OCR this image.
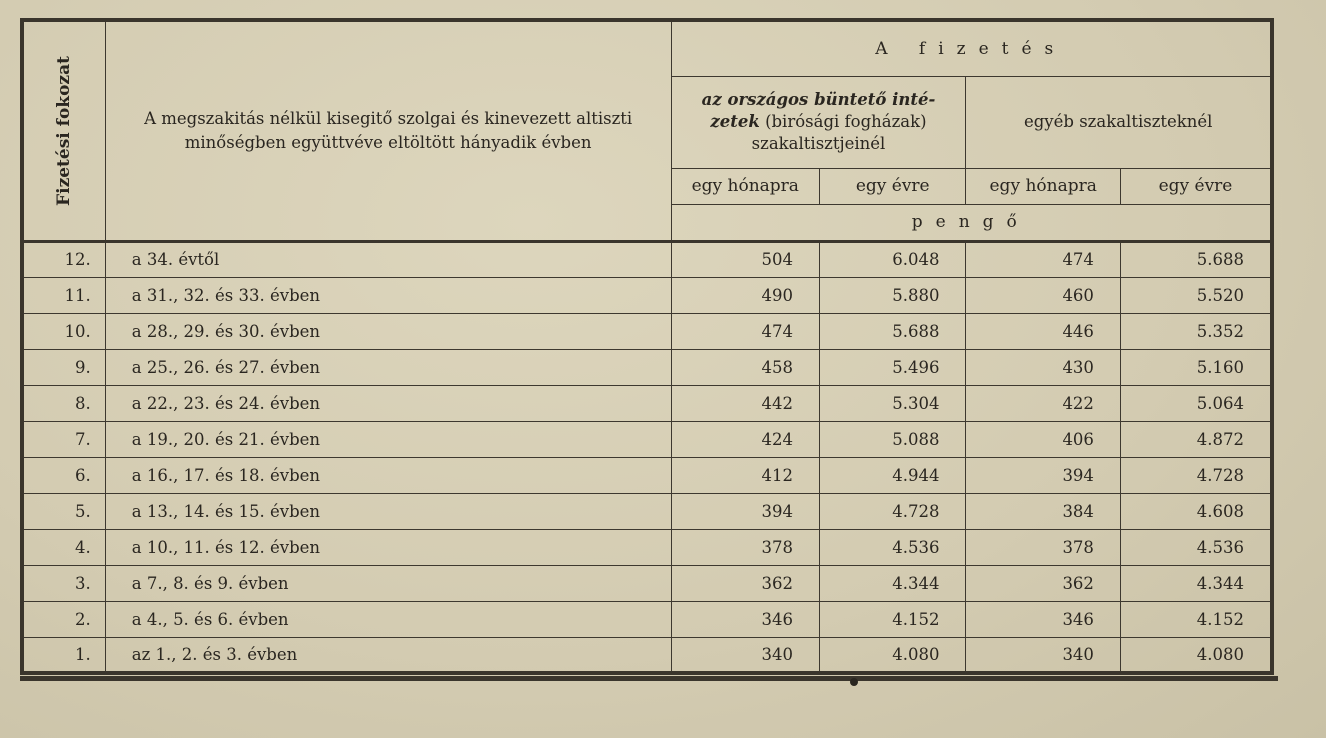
Fizetési fokozat	A megszakitás nélkül kisegitő szolgai és kinevezett altiszti minőségben együttvéve eltöltött hányadik évben	A fizetés			
		az országos büntető inté-zetek (birósági fogházak) szakaltisztjeinél		egyéb szakaltiszteknél	
		egy hónapra	egy évre	egy hónapra	egy évre
		pengő			
12.	a 34. évtől	504	6.048	474	5.688
11.	a 31., 32. és 33. évben	490	5.880	460	5.520
10.	a 28., 29. és 30. évben	474	5.688	446	5.352
9.	a 25., 26. és 27. évben	458	5.496	430	5.160
8.	a 22., 23. és 24. évben	442	5.304	422	5.064
7.	a 19., 20. és 21. évben	424	5.088	406	4.872
6.	a 16., 17. és 18. évben	412	4.944	394	4.728
5.	a 13., 14. és 15. évben	394	4.728	384	4.608
4.	a 10., 11. és 12. évben	378	4.536	378	4.536
3.	a 7., 8. és 9. évben	362	4.344	362	4.344
2.	a 4., 5. és 6. évben	346	4.152	346	4.152
1.	az 1., 2. és 3. évben	340	4.080	340	4.080
